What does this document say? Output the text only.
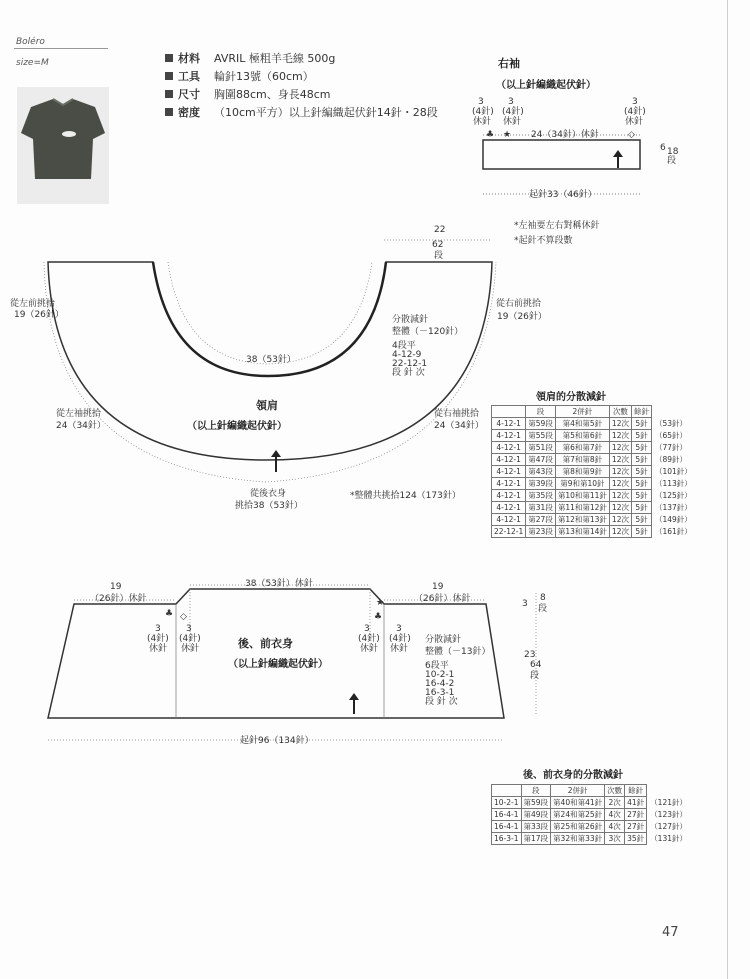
Boléro
size=M	材料 AVRIL 極粗羊毛線 500g
工具 輪針13號（60cm）
尺寸 胸圍88cm、身長48cm
密度 （10cm平方）以上針編織起伏針14針・28段
右袖
（以上針編織起伏針）
24（34針）休針
3
(4針)
休針
3
(4針)
休針
3
(4針)
休針
♣ ★	◇
6 18
段
起針33（46針）
*左袖要左右對稱休針
*起針不算段數
22
62
段
38（53針）
從左前挑拾
19（26針）
從右前挑拾
19（26針）
從左袖挑拾
24（34針）
從右袖挑拾
24（34針）
從後衣身
挑拾38（53針）
*整體共挑拾124（173針）
領肩
（以上針編織起伏針）
分散減針
整體（－120針）
4段平
4-12-9
22-12-1
段 針 次
19
（26針）休針
38（53針）休針	19
（26針）休針
♣ ◇
★
♣
3
(4針)
休針
3
(4針)
休針
3
(4針)
休針
3
(4針)
休針
後、前衣身
（以上針編織起伏針）
分散減針
整體（－13針）
6段平
10-2-1
16-4-2
16-3-1
段 針 次
3
8
段
23
64
段
起針96（134針）
領肩的分散減針
	段	2併針	次數	餘針	
4-12-1	第59段	第4和第5針	12次	5針	（53針）
4-12-1	第55段	第5和第6針	12次	5針	（65針）
4-12-1	第51段	第6和第7針	12次	5針	（77針）
4-12-1	第47段	第7和第8針	12次	5針	（89針）
4-12-1	第43段	第8和第9針	12次	5針	（101針）
4-12-1	第39段	第9和第10針	12次	5針	（113針）
4-12-1	第35段	第10和第11針	12次	5針	（125針）
4-12-1	第31段	第11和第12針	12次	5針	（137針）
4-12-1	第27段	第12和第13針	12次	5針	（149針）
22-12-1	第23段	第13和第14針	12次	5針	（161針）
後、前衣身的分散減針
	段	2併針	次數	餘針	
10-2-1	第59段	第40和第41針	2次	41針	（121針）
16-4-1	第49段	第24和第25針	4次	27針	（123針）
16-4-1	第33段	第25和第26針	4次	27針	（127針）
16-3-1	第17段	第32和第33針	3次	35針	（131針）
47
